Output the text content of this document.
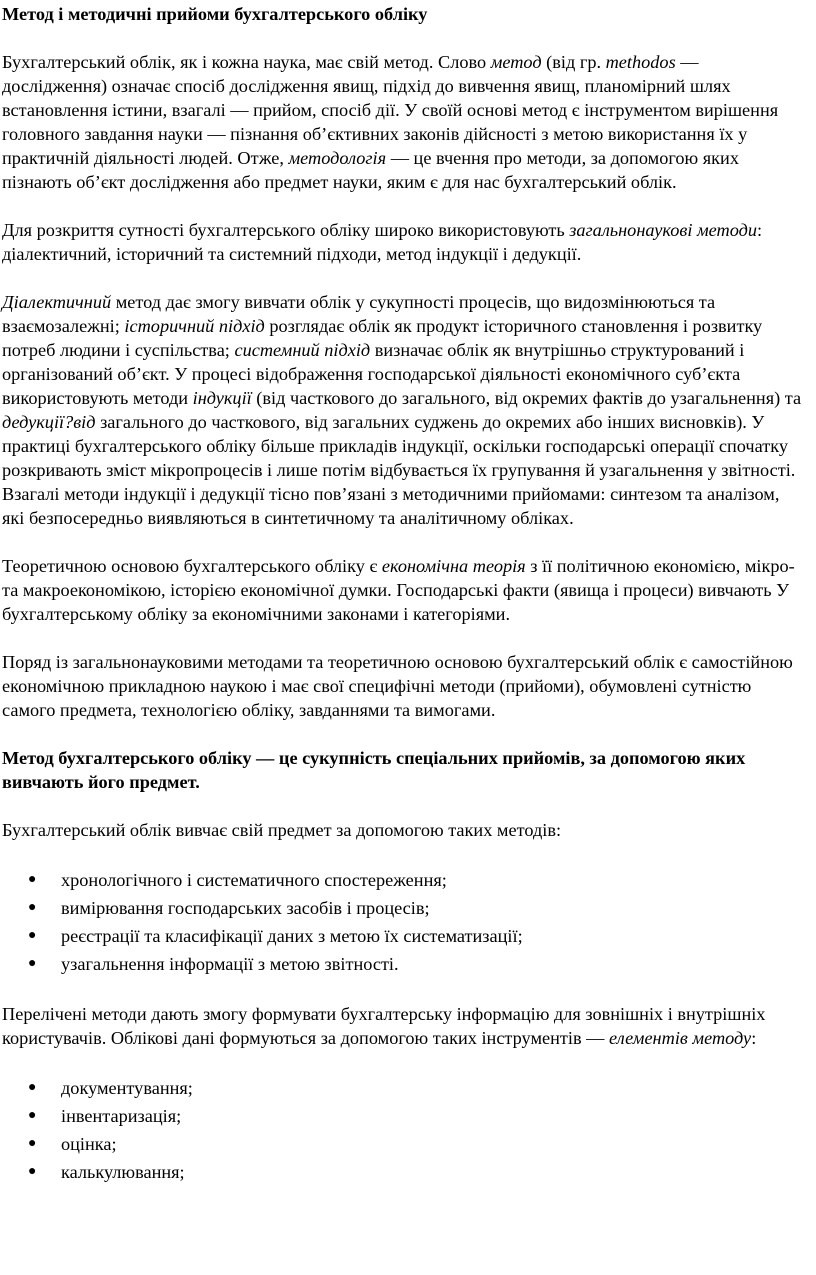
Метод і методичні прийоми бухгалтерського обліку

Бухгалтерський облік, як і кожна наука, має свій метод. Слово метод (від гр. methodos — дослідження) означає спосіб дослідження явищ, підхід до вивчення явищ, планомірний шлях встановлення істини, взагалі — прийом, спосіб дії. У своїй основі метод є інструментом вирішення головного завдання науки — пізнання об’єктивних законів дійсності з метою використання їх у практичній діяльності людей. Отже, методологія — це вчення про методи, за допомогою яких пізнають об’єкт дослідження або предмет науки, яким є для нас бухгалтерський облік.

Для розкриття сутності бухгалтерського обліку широко використовують загальнонаукові методи: діалектичний, історичний та системний підходи, метод індукції і дедукції.

Діалектичний метод дає змогу вивчати облік у сукупності процесів, що видозмінюються та взаємозалежні; історичний підхід розглядає облік як продукт історичного становлення і розвитку потреб людини і суспільства; системний підхід визначає облік як внутрішньо структурований і організований об’єкт. У процесі відображення господарської діяльності економічного суб’єкта використовують методи індукції (від часткового до загального, від окремих фактів до узагальнення) та дедукції?від загального до часткового, від загальних суджень до окремих або інших висновків). У практиці бухгалтерського обліку більше прикладів індукції, оскільки господарські операції спочатку розкривають зміст мікропроцесів і лише потім відбувається їх групування й узагальнення у звітності. Взагалі методи індукції і дедукції тісно пов’язані з методичними прийомами: синтезом та аналізом, які безпосередньо виявляються в синтетичному та аналітичному обліках.

Теоретичною основою бухгалтерського обліку є економічна теорія з її політичною економією, мікро- та макроекономікою, історією економічної думки. Господарські факти (явища і процеси) вивчають У бухгалтерському обліку за економічними законами і категоріями.

Поряд із загальнонауковими методами та теоретичною основою бухгалтерський облік є самостійною економічною прикладною наукою і має свої специфічні методи (прийоми), обумовлені сутністю самого предмета, технологією обліку, завданнями та вимогами.

Метод бухгалтерського обліку — це сукупність спеціальних прийомів, за допомогою яких вивчають його предмет.

Бухгалтерський облік вивчає свій предмет за допомогою таких методів:

● хронологічного і систематичного спостереження;
● вимірювання господарських засобів і процесів;
● реєстрації та класифікації даних з метою їх систематизації;
● узагальнення інформації з метою звітності.

Перелічені методи дають змогу формувати бухгалтерську інформацію для зовнішніх і внутрішніх користувачів. Облікові дані формуються за допомогою таких інструментів — елементів методу:

● документування;
● інвентаризація;
● оцінка;
● калькулювання;
